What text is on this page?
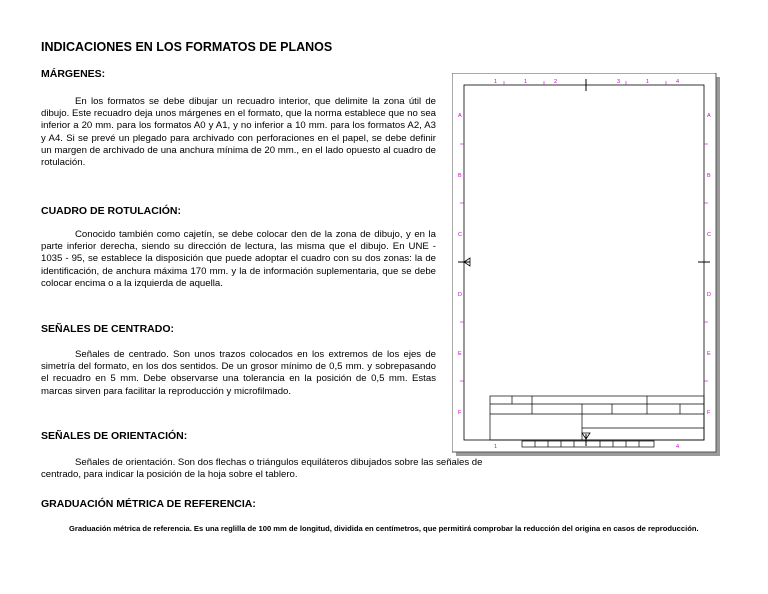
INDICACIONES EN LOS FORMATOS DE PLANOS
MÁRGENES:
En los formatos se debe dibujar un recuadro interior, que delimite la zona útil de dibujo. Este recuadro deja unos márgenes en el formato, que la norma establece que no sea inferior a 20 mm. para los formatos A0 y A1, y no inferior a 10 mm. para los formatos A2, A3 y A4. Si se prevé un plegado para archivado con perforaciones en el papel, se debe definir un margen de archivado de una anchura mínima de 20 mm., en el lado opuesto al cuadro de rotulación.
CUADRO DE ROTULACIÓN:
Conocido también como cajetín, se debe colocar den de la zona de dibujo, y en la parte inferior derecha, siendo su dirección de lectura, las misma que el dibujo. En UNE - 1035 - 95, se establece la disposición que puede adoptar el cuadro con su dos zonas: la de identificación, de anchura máxima 170 mm. y la de información suplementaria, que se debe colocar encima o a la izquierda de aquella.
SEÑALES DE CENTRADO:
Señales de centrado. Son unos trazos colocados en los extremos de los ejes de simetría del formato, en los dos sentidos. De un grosor mínimo de 0,5 mm. y sobrepasando el recuadro en 5 mm. Debe observarse una tolerancia en la posición de 0,5 mm. Estas marcas sirven para facilitar la reproducción y microfilmado.
SEÑALES DE ORIENTACIÓN:
Señales de orientación. Son dos flechas o triángulos equiláteros dibujados sobre las señales de centrado, para indicar la posición de la hoja sobre el tablero.
GRADUACIÓN MÉTRICA DE REFERENCIA:
Graduación métrica de referencia. Es una reglilla de 100 mm de longitud, dividida en centímetros, que permitirá comprobar la reducción del origina en casos de reproducción.
1	1	2	3	1	4
A
B
C
D
E
F
A
B
C
D
E
F
1	4
